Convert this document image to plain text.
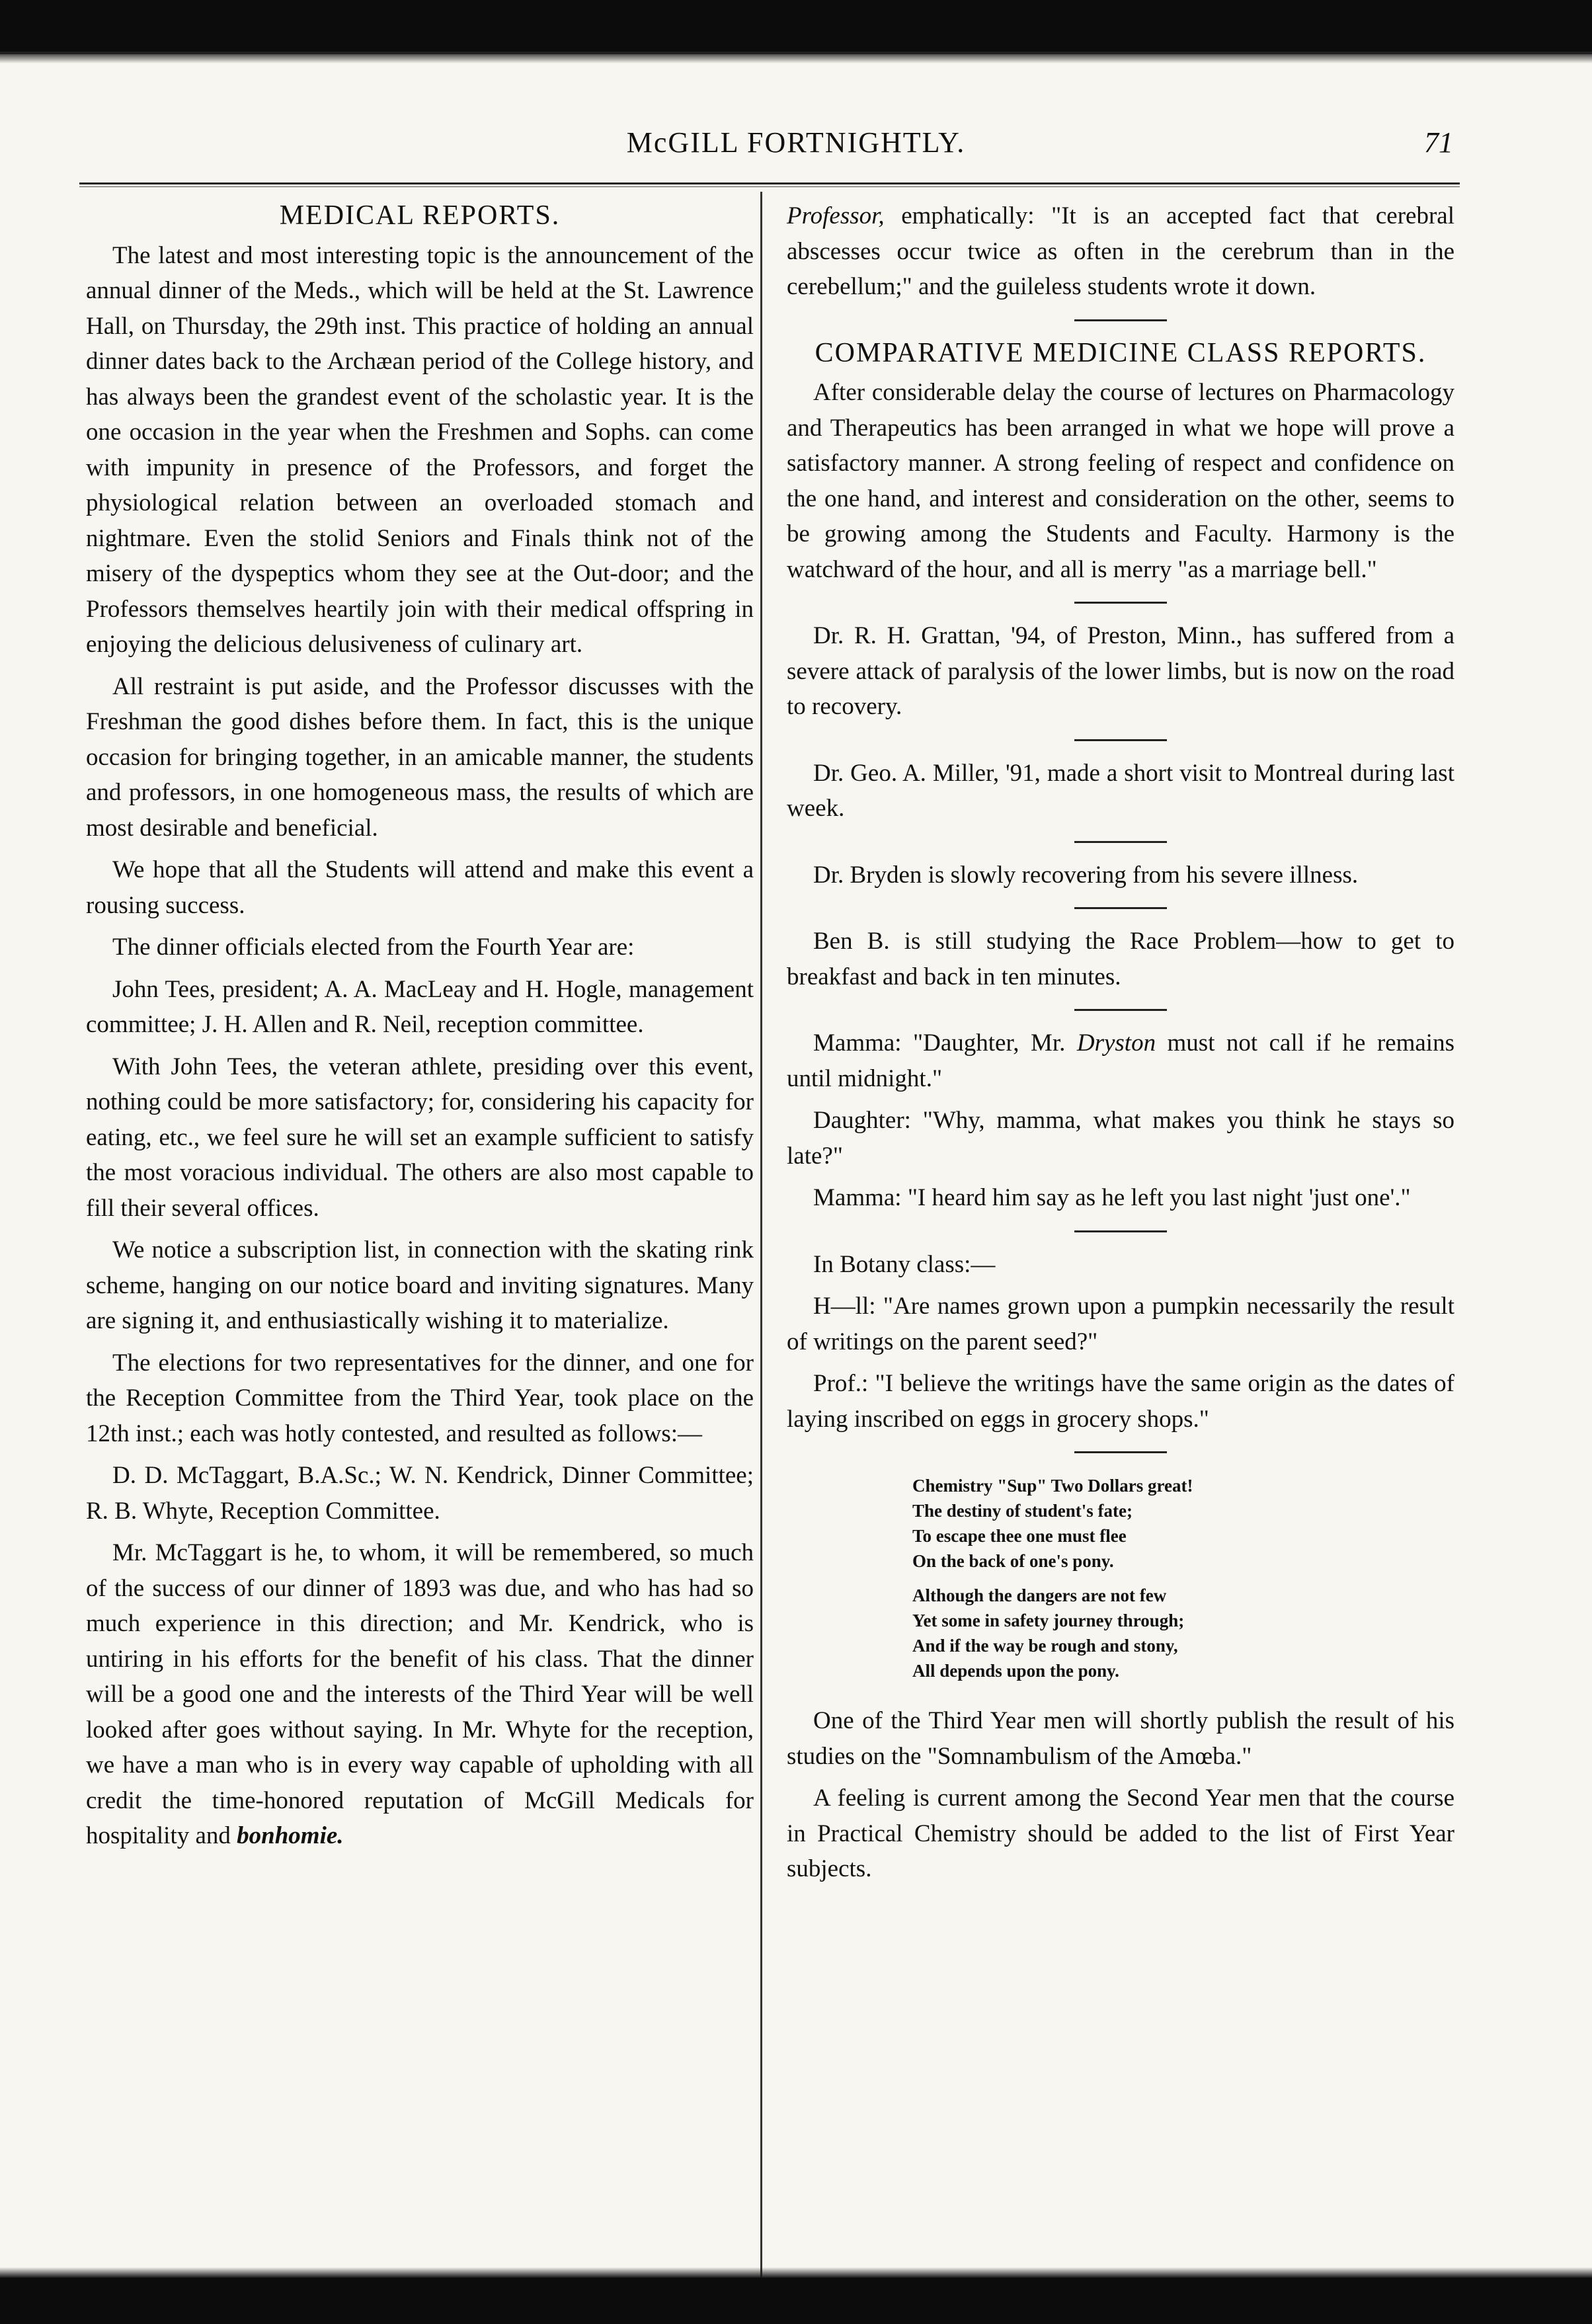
McGILL FORTNIGHTLY.	71
MEDICAL REPORTS.

The latest and most interesting topic is the announcement of the annual dinner of the Meds., which will be held at the St. Lawrence Hall, on Thursday, the 29th inst. This practice of holding an annual dinner dates back to the Archæan period of the College history, and has always been the grandest event of the scholastic year. It is the one occasion in the year when the Freshmen and Sophs. can come with impunity in presence of the Professors, and forget the physiological relation between an overloaded stomach and nightmare. Even the stolid Seniors and Finals think not of the misery of the dyspeptics whom they see at the Out-door; and the Professors themselves heartily join with their medical offspring in enjoying the delicious delusiveness of culinary art.

All restraint is put aside, and the Professor discusses with the Freshman the good dishes before them. In fact, this is the unique occasion for bringing together, in an amicable manner, the students and professors, in one homogeneous mass, the results of which are most desirable and beneficial.

We hope that all the Students will attend and make this event a rousing success.

The dinner officials elected from the Fourth Year are:

John Tees, president; A. A. MacLeay and H. Hogle, management committee; J. H. Allen and R. Neil, reception committee.

With John Tees, the veteran athlete, presiding over this event, nothing could be more satisfactory; for, considering his capacity for eating, etc., we feel sure he will set an example sufficient to satisfy the most voracious individual. The others are also most capable to fill their several offices.

We notice a subscription list, in connection with the skating rink scheme, hanging on our notice board and inviting signatures. Many are signing it, and enthusiastically wishing it to materialize.

The elections for two representatives for the dinner, and one for the Reception Committee from the Third Year, took place on the 12th inst.; each was hotly contested, and resulted as follows:—

D. D. McTaggart, B.A.Sc.; W. N. Kendrick, Dinner Committee; R. B. Whyte, Reception Committee.

Mr. McTaggart is he, to whom, it will be remembered, so much of the success of our dinner of 1893 was due, and who has had so much experience in this direction; and Mr. Kendrick, who is untiring in his efforts for the benefit of his class. That the dinner will be a good one and the interests of the Third Year will be well looked after goes without saying. In Mr. Whyte for the reception, we have a man who is in every way capable of upholding with all credit the time-honored reputation of McGill Medicals for hospitality and bonhomie.

Professor, emphatically: "It is an accepted fact that cerebral abscesses occur twice as often in the cerebrum than in the cerebellum;" and the guileless students wrote it down.

COMPARATIVE MEDICINE CLASS REPORTS.

After considerable delay the course of lectures on Pharmacology and Therapeutics has been arranged in what we hope will prove a satisfactory manner. A strong feeling of respect and confidence on the one hand, and interest and consideration on the other, seems to be growing among the Students and Faculty. Harmony is the watchward of the hour, and all is merry "as a marriage bell."

Dr. R. H. Grattan, '94, of Preston, Minn., has suffered from a severe attack of paralysis of the lower limbs, but is now on the road to recovery.

Dr. Geo. A. Miller, '91, made a short visit to Montreal during last week.

Dr. Bryden is slowly recovering from his severe illness.

Ben B. is still studying the Race Problem—how to get to breakfast and back in ten minutes.

Mamma: "Daughter, Mr. Dryston must not call if he remains until midnight."

Daughter: "Why, mamma, what makes you think he stays so late?"

Mamma: "I heard him say as he left you last night 'just one'."

In Botany class:—

H—ll: "Are names grown upon a pumpkin necessarily the result of writings on the parent seed?"

Prof.: "I believe the writings have the same origin as the dates of laying inscribed on eggs in grocery shops."

Chemistry "Sup" Two Dollars great!
The destiny of student's fate;
To escape thee one must flee
On the back of one's pony.
Although the dangers are not few
Yet some in safety journey through;
And if the way be rough and stony,
All depends upon the pony.

One of the Third Year men will shortly publish the result of his studies on the "Somnambulism of the Amœba."

A feeling is current among the Second Year men that the course in Practical Chemistry should be added to the list of First Year subjects.
